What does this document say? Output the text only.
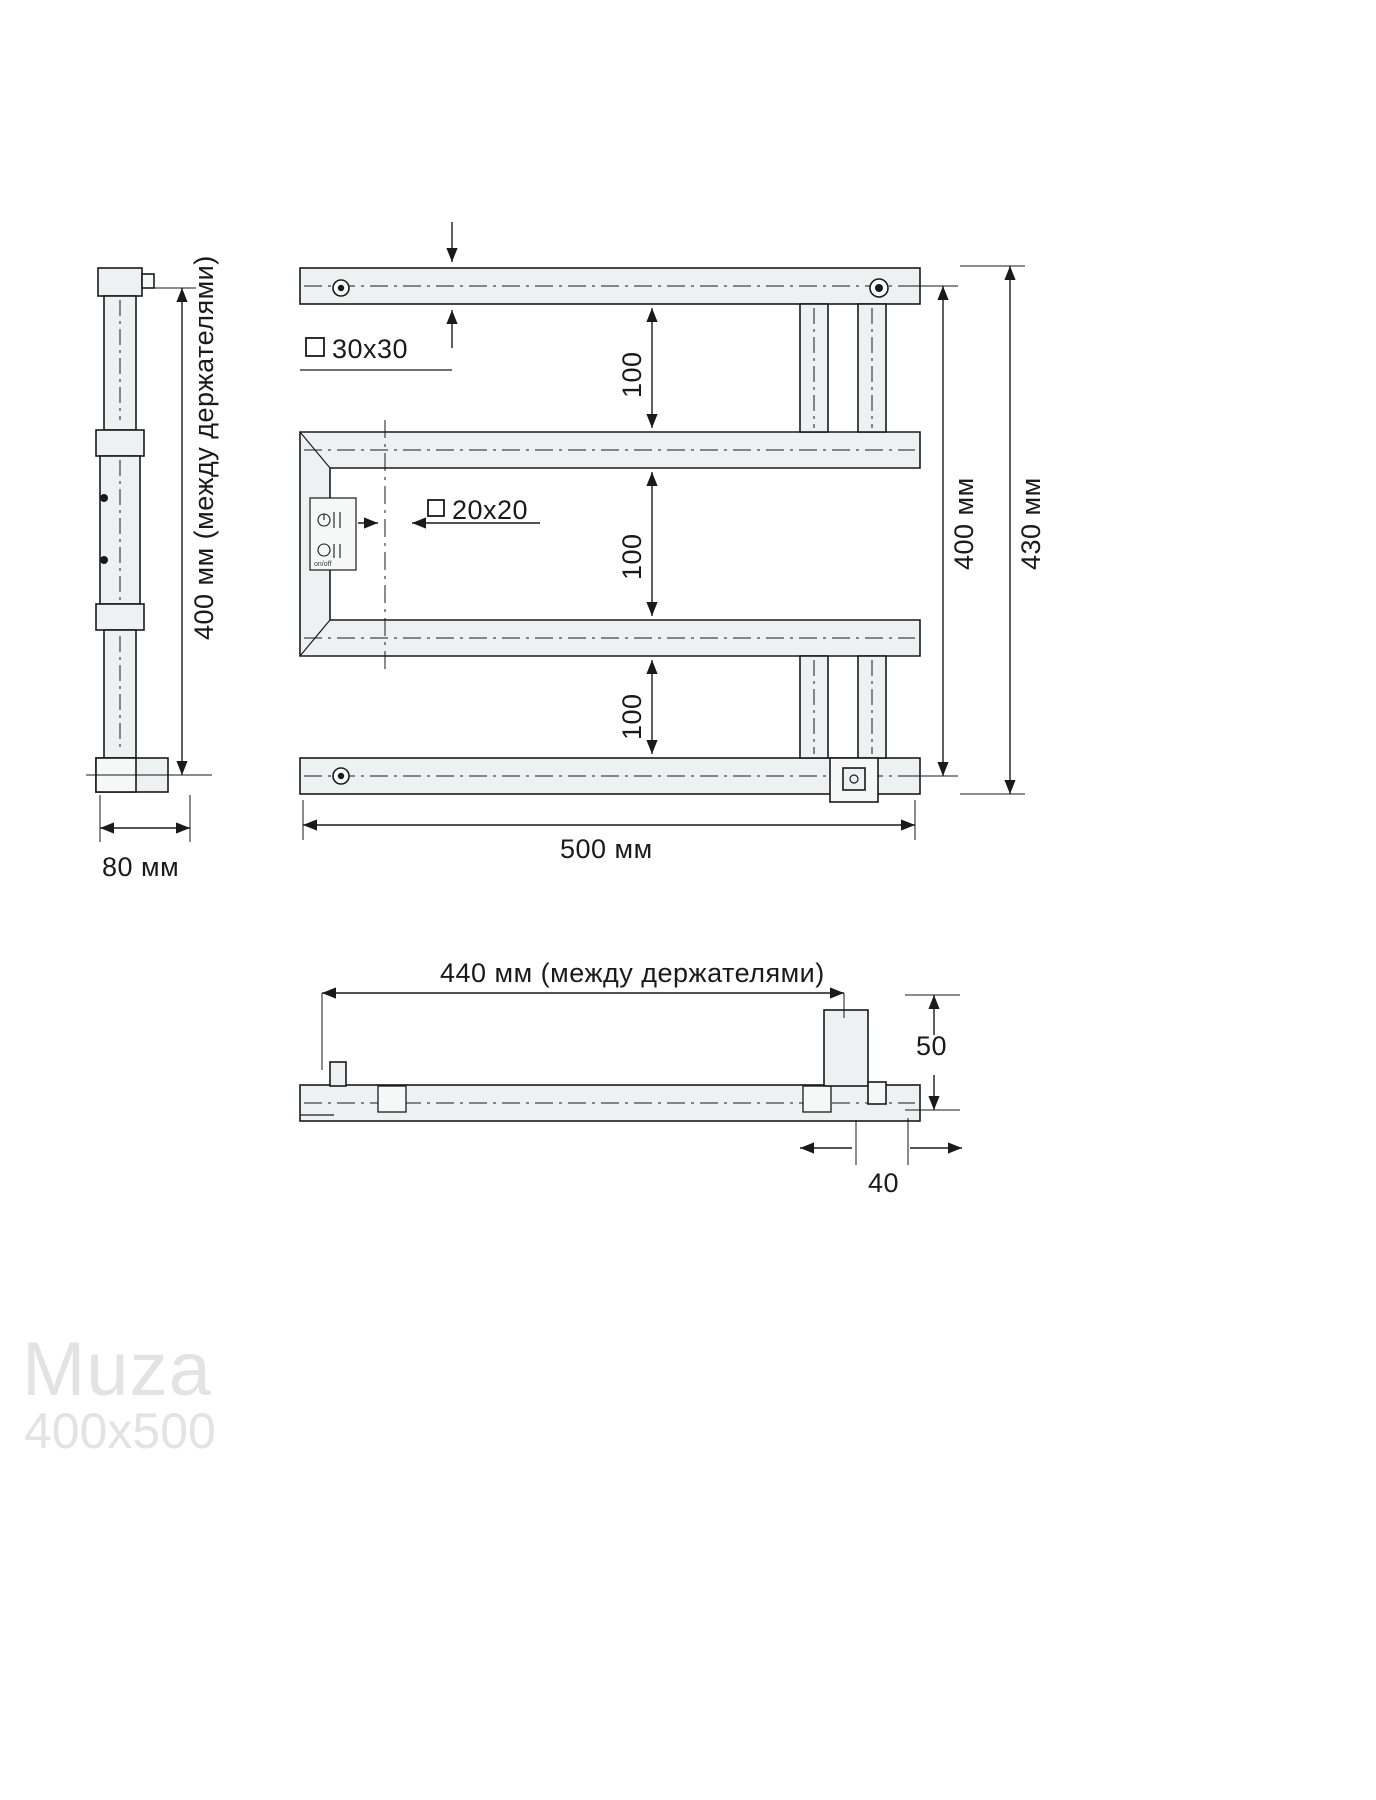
400 мм (между держателями)
80 мм
on/off
30x30
20x20
100
100
100
400 мм 430 мм
500 мм
440 мм (между держателями)
50
40
Muza
400x500
